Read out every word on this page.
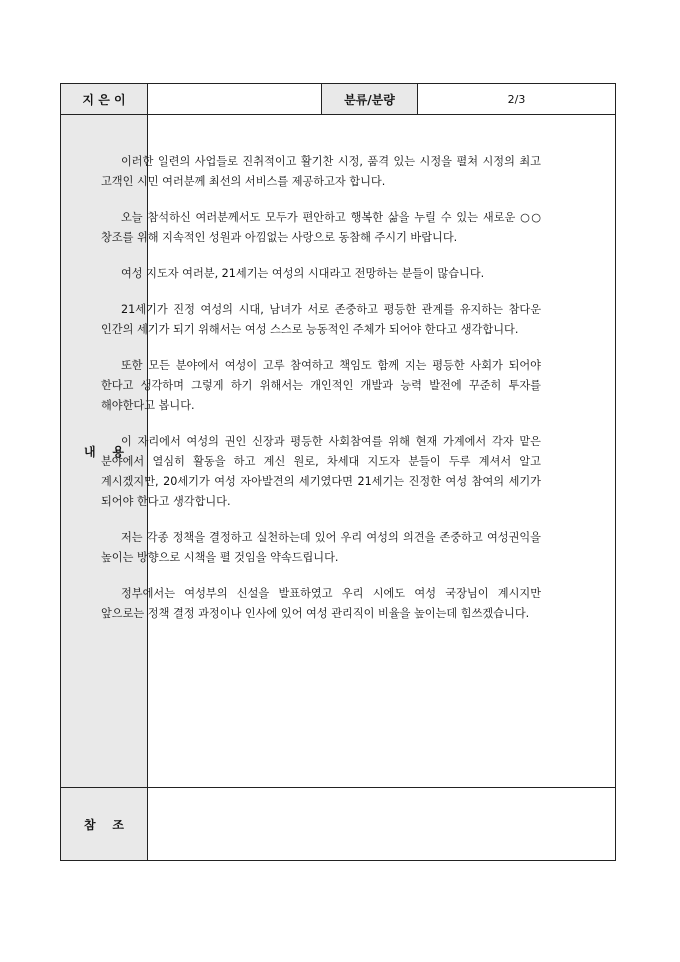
지 은 이	분류/분량	2/3
내    용
참    조

이러한 일련의 사업들로 진취적이고 활기찬 시정, 품격 있는 시정을 펼쳐 시정의 최고 고객인 시민 여러분께 최선의 서비스를 제공하고자 합니다.

오늘 참석하신 여러분께서도 모두가 편안하고 행복한 삶을 누릴 수 있는 새로운 ○○ 창조를 위해 지속적인 성원과 아낌없는 사랑으로 동참해 주시기 바랍니다.

여성 지도자 여러분, 21세기는 여성의 시대라고 전망하는 분들이 많습니다.

21세기가 진정 여성의 시대, 남녀가 서로 존중하고 평등한 관계를 유지하는 참다운 인간의 세기가 되기 위해서는 여성 스스로 능동적인 주체가 되어야 한다고 생각합니다.

또한 모든 분야에서 여성이 고루 참여하고 책임도 함께 지는 평등한 사회가 되어야 한다고 생각하며 그렇게 하기 위해서는 개인적인 개발과 능력 발전에 꾸준히 투자를 해야한다고 봅니다.

이 자리에서 여성의 권인 신장과 평등한 사회참여를 위해 현재 가계에서 각자 맡은 분야에서 열심히 활동을 하고 계신 원로, 차세대 지도자 분들이 두루 계셔서 알고 계시겠지만, 20세기가 여성 자아발견의 세기였다면 21세기는 진정한 여성 참여의 세기가 되어야 한다고 생각합니다.

저는 각종 정책을 결정하고 실천하는데 있어 우리 여성의 의견을 존중하고 여성권익을 높이는 방향으로 시책을 펼 것임을 약속드립니다.

정부에서는 여성부의 신설을 발표하였고 우리 시에도 여성 국장님이 계시지만 앞으로는 정책 결정 과정이나 인사에 있어 여성 관리직이 비율을 높이는데 힘쓰겠습니다.
